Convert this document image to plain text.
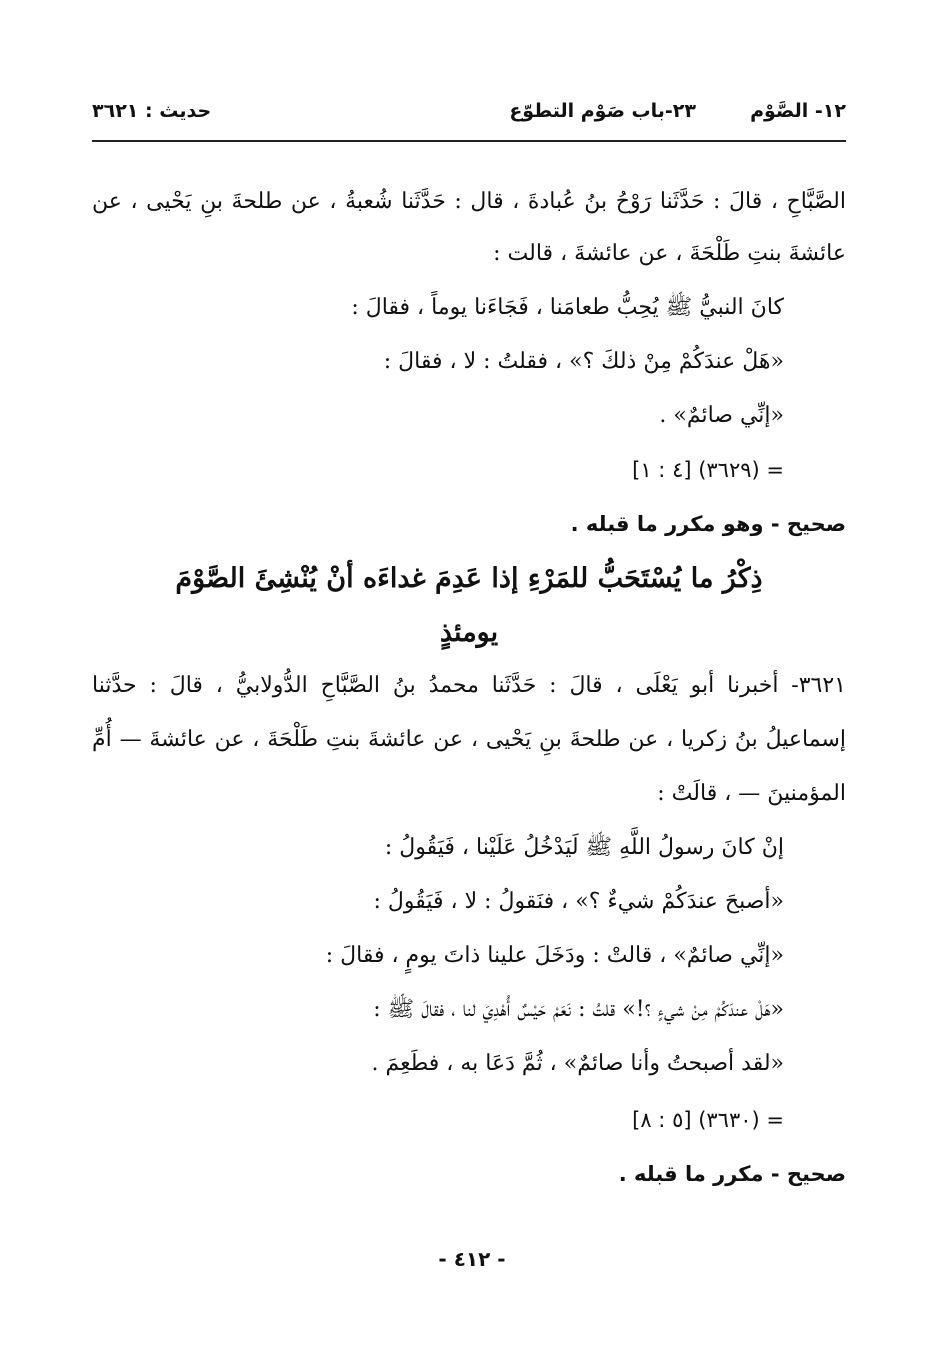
١٢- الصَّوْم
٢٣-باب صَوْم التطوّع
حديث : ٣٦٢١
الصَّبَّاحِ ، قالَ : حَدَّثَنا رَوْحُ بنُ عُبادةَ ، قال : حَدَّثَنا شُعبةُ ، عن طلحةَ بنِ يَحْيى ، عن
عائشةَ بنتِ طَلْحَةَ ، عن عائشةَ ، قالت :
كانَ النبيُّ ﷺ يُحِبُّ طعامَنا ، فَجَاءَنا يوماً ، فقالَ :
«هَلْ عندَكُمْ مِنْ ذلكَ ؟» ، فقلتُ : لا ، فقالَ :
«إنِّي صائمٌ» .
= (٣٦٢٩) [٤ : ١]
صحيح - وهو مكرر ما قبله .
ذِكْرُ ما يُسْتَحَبُّ للمَرْءِ إذا عَدِمَ غداءَه أنْ يُنْشِئَ الصَّوْمَ
يومئذٍ
٣٦٢١- أخبرنا أبو يَعْلَى ، قالَ : حَدَّثَنا محمدُ بنُ الصَّبَّاحِ الدُّولابيُّ ، قالَ : حدَّثنا
إسماعيلُ بنُ زكريا ، عن طلحةَ بنِ يَحْيى ، عن عائشةَ بنتِ طَلْحَةَ ، عن عائشةَ — أُمِّ
المؤمنينَ — ، قالَتْ :
إنْ كانَ رسولُ اللَّهِ ﷺ لَيَدْخُلُ عَلَيْنا ، فَيَقُولُ :
«أصبحَ عندَكُمْ شيءٌ ؟» ، فنَقولُ : لا ، فَيَقُولُ :
«إنِّي صائمٌ» ، قالتْ : ودَخَلَ علينا ذاتَ يومٍ ، فقالَ :
«هَلْ عندَكُمْ مِنْ شيءٍ ؟!» قلتُ : نَعَمْ حَيْسٌ أُهْدِيَ لنا ، فقالَ ﷺ :
«لقد أصبحتُ وأنا صائمٌ» ، ثُمَّ دَعَا به ، فطَعِمَ .
= (٣٦٣٠) [٥ : ٨]
صحيح - مكرر ما قبله .
- ٤١٢ -
